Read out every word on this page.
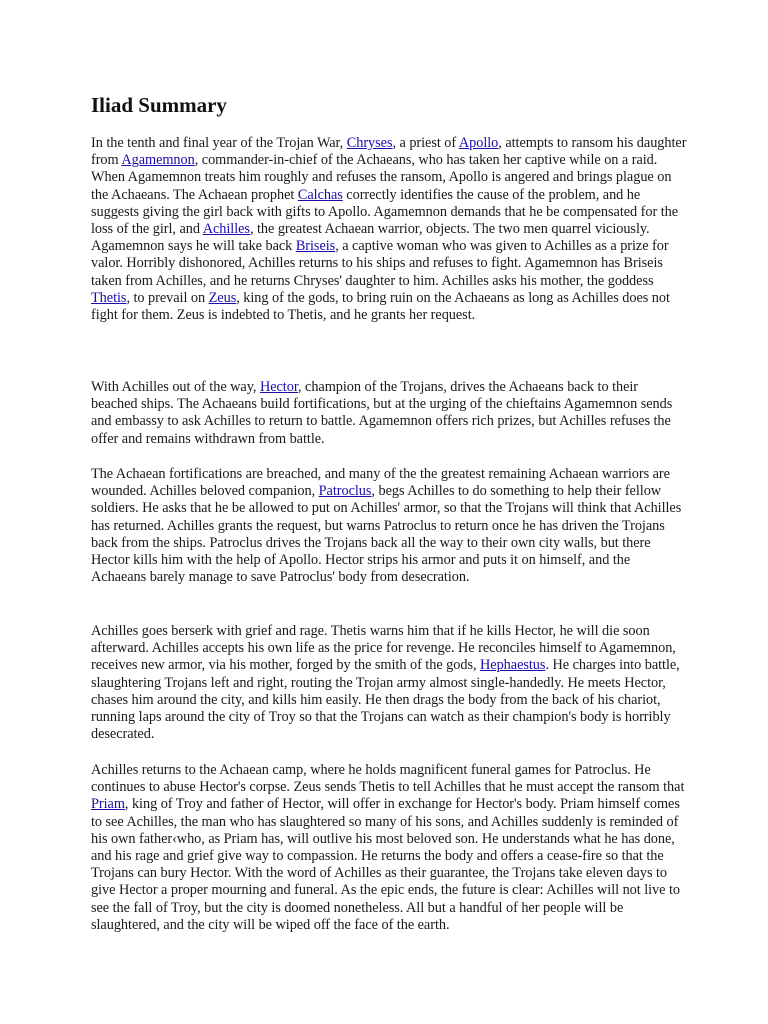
Iliad Summary

In the tenth and final year of the Trojan War, Chryses, a priest of Apollo, attempts to ransom his daughter from Agamemnon, commander-in-chief of the Achaeans, who has taken her captive while on a raid. When Agamemnon treats him roughly and refuses the ransom, Apollo is angered and brings plague on the Achaeans. The Achaean prophet Calchas correctly identifies the cause of the problem, and he suggests giving the girl back with gifts to Apollo. Agamemnon demands that he be compensated for the loss of the girl, and Achilles, the greatest Achaean warrior, objects. The two men quarrel viciously. Agamemnon says he will take back Briseis, a captive woman who was given to Achilles as a prize for valor. Horribly dishonored, Achilles returns to his ships and refuses to fight. Agamemnon has Briseis taken from Achilles, and he returns Chryses' daughter to him. Achilles asks his mother, the goddess Thetis, to prevail on Zeus, king of the gods, to bring ruin on the Achaeans as long as Achilles does not fight for them. Zeus is indebted to Thetis, and he grants her request.

With Achilles out of the way, Hector, champion of the Trojans, drives the Achaeans back to their beached ships. The Achaeans build fortifications, but at the urging of the chieftains Agamemnon sends and embassy to ask Achilles to return to battle. Agamemnon offers rich prizes, but Achilles refuses the offer and remains withdrawn from battle.

The Achaean fortifications are breached, and many of the the greatest remaining Achaean warriors are wounded. Achilles beloved companion, Patroclus, begs Achilles to do something to help their fellow soldiers. He asks that he be allowed to put on Achilles' armor, so that the Trojans will think that Achilles has returned. Achilles grants the request, but warns Patroclus to return once he has driven the Trojans back from the ships. Patroclus drives the Trojans back all the way to their own city walls, but there Hector kills him with the help of Apollo. Hector strips his armor and puts it on himself, and the Achaeans barely manage to save Patroclus' body from desecration.

Achilles goes berserk with grief and rage. Thetis warns him that if he kills Hector, he will die soon afterward. Achilles accepts his own life as the price for revenge. He reconciles himself to Agamemnon, receives new armor, via his mother, forged by the smith of the gods, Hephaestus. He charges into battle, slaughtering Trojans left and right, routing the Trojan army almost single-handedly. He meets Hector, chases him around the city, and kills him easily. He then drags the body from the back of his chariot, running laps around the city of Troy so that the Trojans can watch as their champion's body is horribly desecrated.

Achilles returns to the Achaean camp, where he holds magnificent funeral games for Patroclus. He continues to abuse Hector's corpse. Zeus sends Thetis to tell Achilles that he must accept the ransom that Priam, king of Troy and father of Hector, will offer in exchange for Hector's body. Priam himself comes to see Achilles, the man who has slaughtered so many of his sons, and Achilles suddenly is reminded of his own father‹who, as Priam has, will outlive his most beloved son. He understands what he has done, and his rage and grief give way to compassion. He returns the body and offers a cease-fire so that the Trojans can bury Hector. With the word of Achilles as their guarantee, the Trojans take eleven days to give Hector a proper mourning and funeral. As the epic ends, the future is clear: Achilles will not live to see the fall of Troy, but the city is doomed nonetheless. All but a handful of her people will be slaughtered, and the city will be wiped off the face of the earth.
